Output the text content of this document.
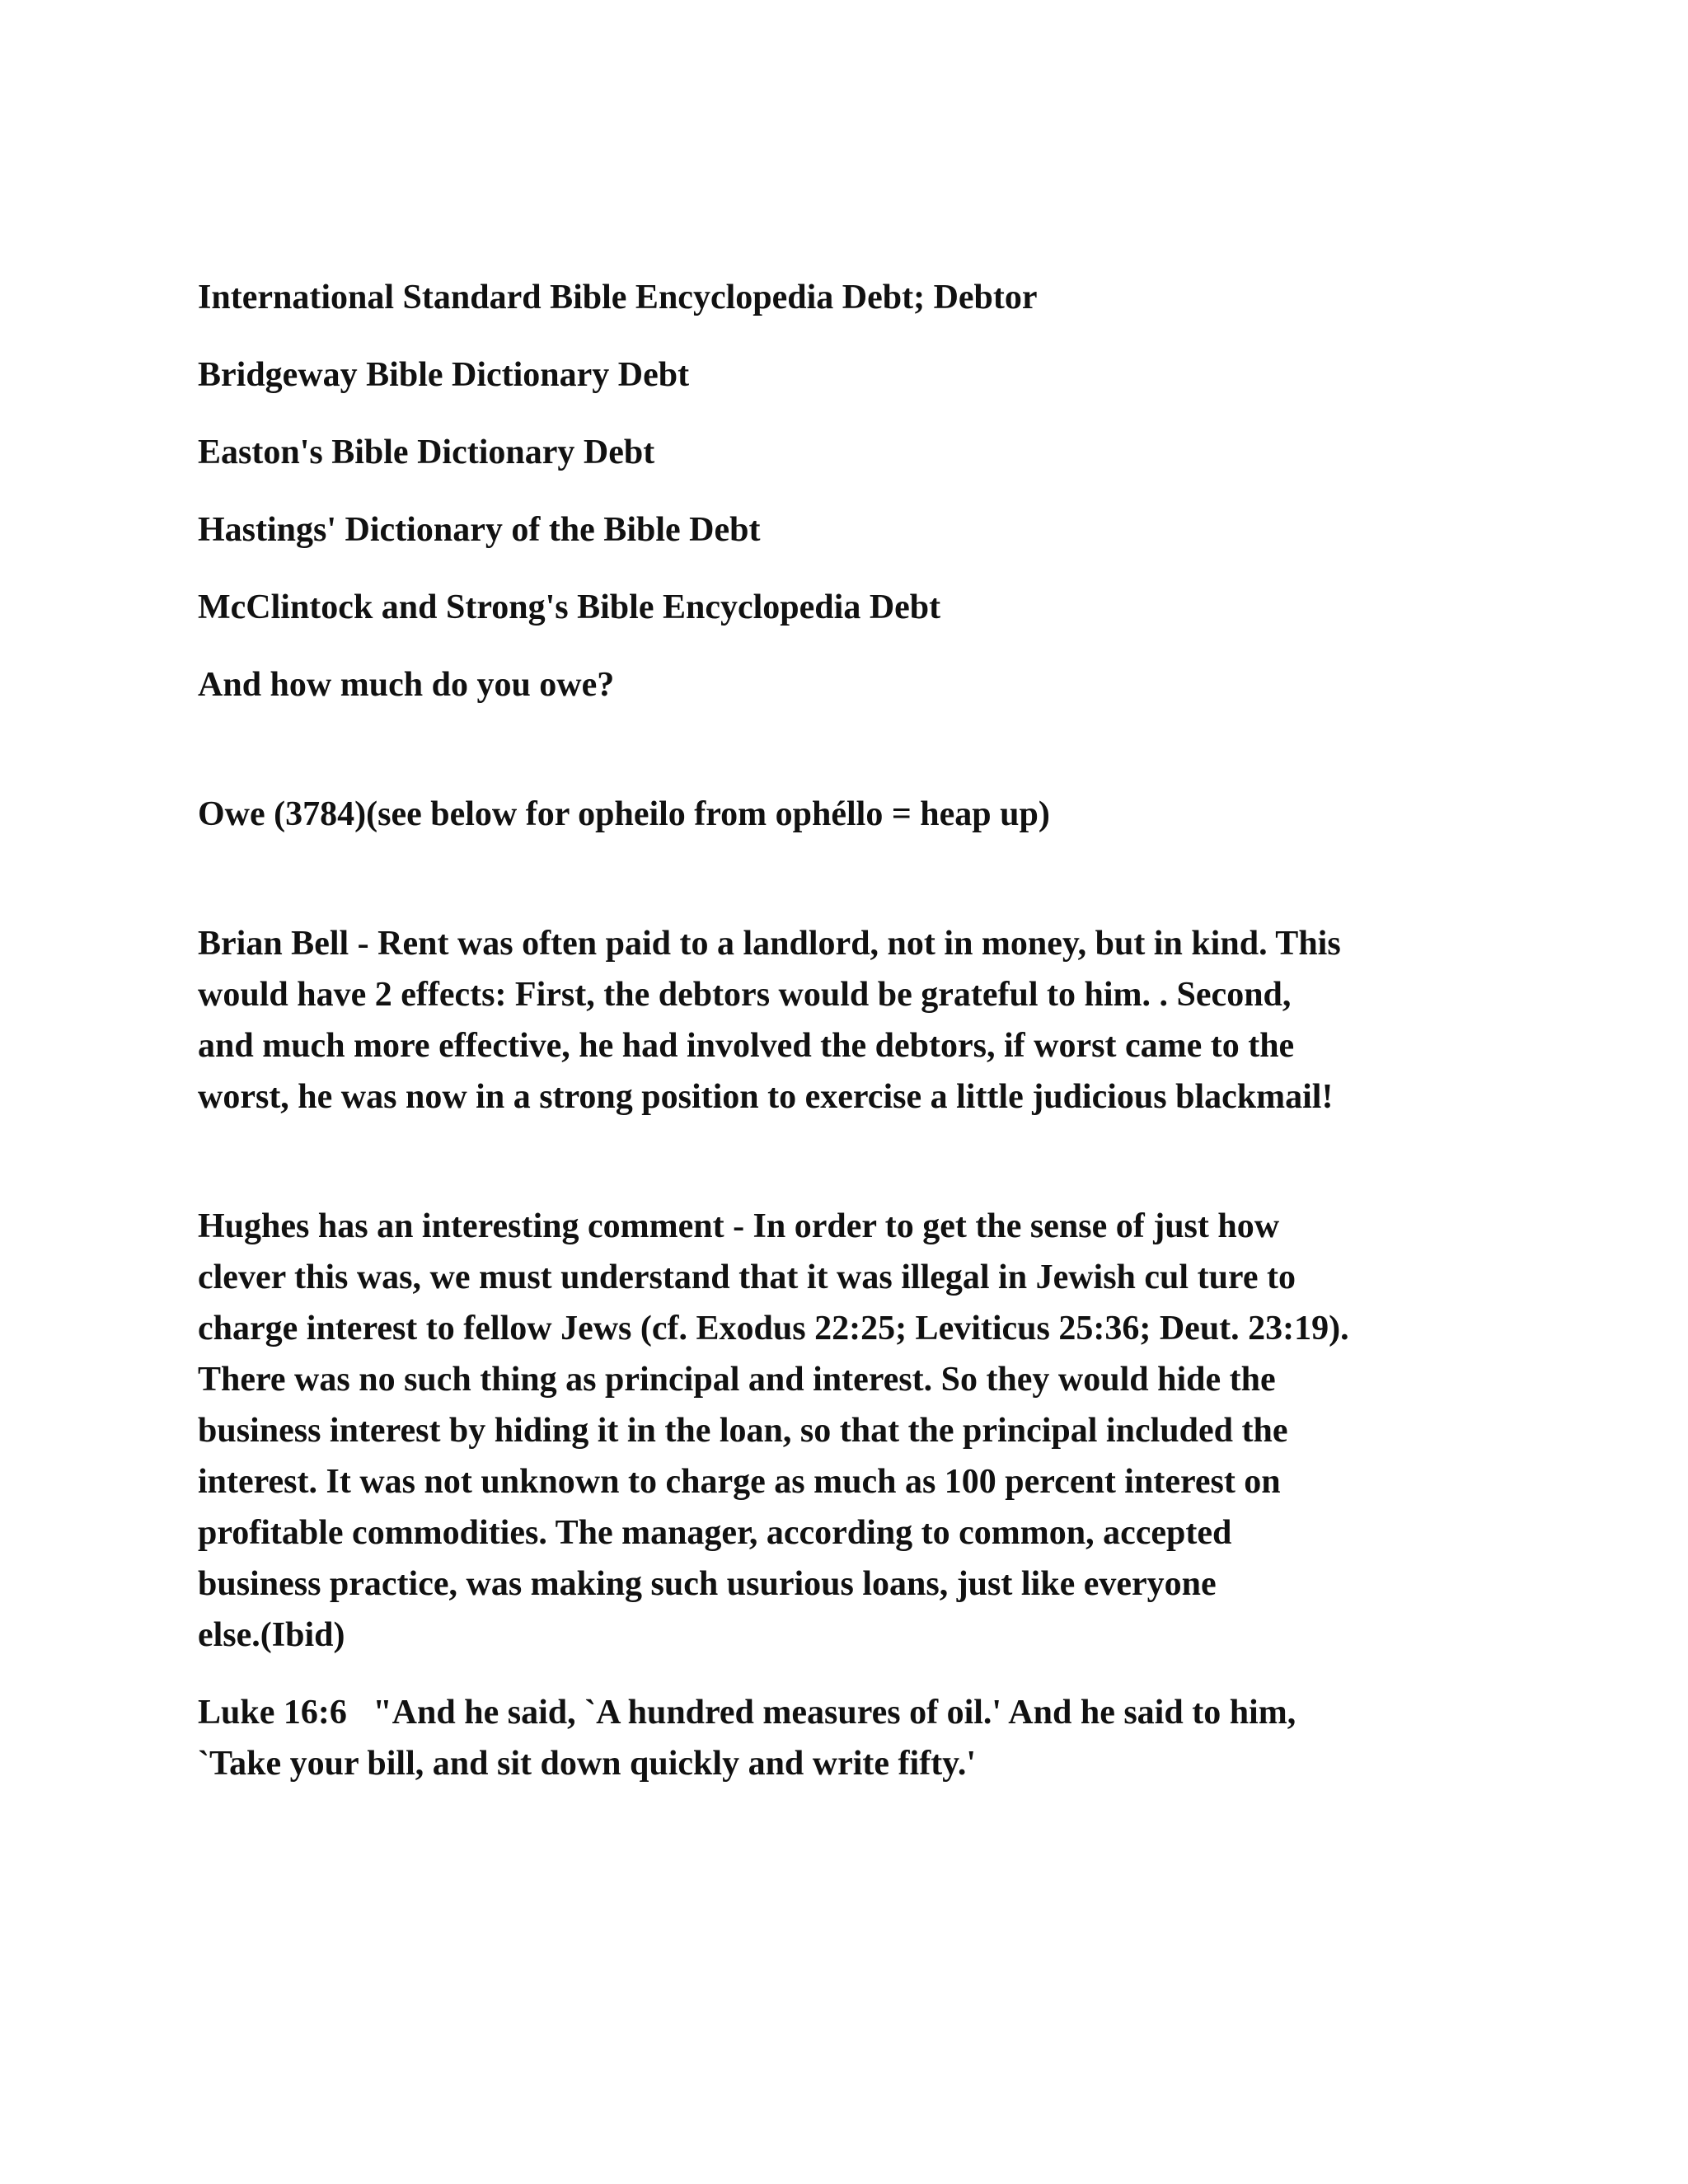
International Standard Bible Encyclopedia Debt; Debtor

Bridgeway Bible Dictionary Debt

Easton's Bible Dictionary Debt

Hastings' Dictionary of the Bible Debt

McClintock and Strong's Bible Encyclopedia Debt

And how much do you owe?

Owe (3784)(see below for opheilo from ophéllo = heap up)

Brian Bell - Rent was often paid to a landlord, not in money, but in kind. This

would have 2 effects: First, the debtors would be grateful to him. . Second,

and much more effective, he had involved the debtors, if worst came to the

worst, he was now in a strong position to exercise a little judicious blackmail!

Hughes has an interesting comment - In order to get the sense of just how

clever this was, we must understand that it was illegal in Jewish cul ture to

charge interest to fellow Jews (cf. Exodus 22:25; Leviticus 25:36; Deut. 23:19).

There was no such thing as principal and interest. So they would hide the

business interest by hiding it in the loan, so that the principal included the

interest. It was not unknown to charge as much as 100 percent interest on

profitable commodities. The manager, according to common, accepted

business practice, was making such usurious loans, just like everyone

else.(Ibid)

Luke 16:6   "And he said, `A hundred measures of oil.' And he said to him,

`Take your bill, and sit down quickly and write fifty.'
